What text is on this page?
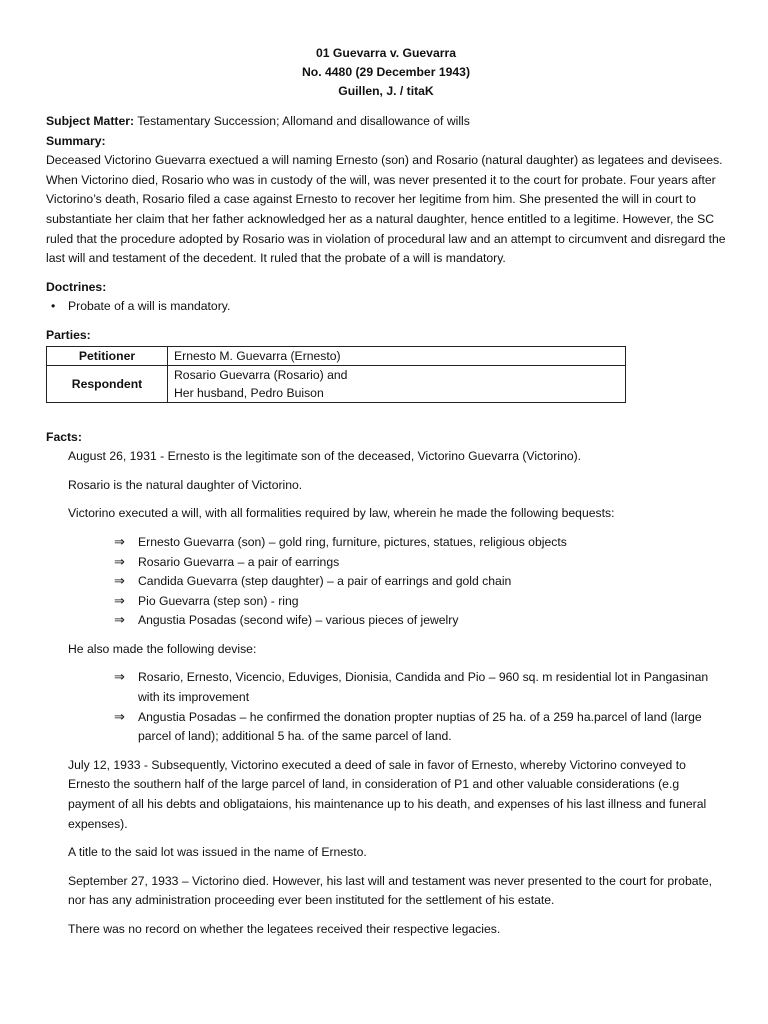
01 Guevarra v. Guevarra
No. 4480 (29 December 1943)
Guillen, J. / titaK

Subject Matter: Testamentary Succession; Allomand and disallowance of wills

Summary:

Deceased Victorino Guevarra exectued a will naming Ernesto (son) and Rosario (natural daughter) as legatees and devisees. When Victorino died, Rosario who was in custody of the will, was never presented it to the court for probate. Four years after Victorino’s death, Rosario filed a case against Ernesto to recover her legitime from him. She presented the will in court to substantiate her claim that her father acknowledged her as a natural daughter, hence entitled to a legitime. However, the SC ruled that the procedure adopted by Rosario was in violation of procedural law and an attempt to circumvent and disregard the last will and testament of the decedent. It ruled that the probate of a will is mandatory.

Doctrines:

• Probate of a will is mandatory.

Parties:

Petitioner	Ernesto M. Guevarra (Ernesto)
Respondent	Rosario Guevarra (Rosario) and
Her husband, Pedro Buison

Facts:

August 26, 1931 - Ernesto is the legitimate son of the deceased, Victorino Guevarra (Victorino).

Rosario is the natural daughter of Victorino.

Victorino executed a will, with all formalities required by law, wherein he made the following bequests:

⇒ Ernesto Guevarra (son) – gold ring, furniture, pictures, statues, religious objects
⇒ Rosario Guevarra – a pair of earrings
⇒ Candida Guevarra (step daughter) – a pair of earrings and gold chain
⇒ Pio Guevarra (step son) - ring
⇒ Angustia Posadas (second wife) – various pieces of jewelry

He also made the following devise:

⇒ Rosario, Ernesto, Vicencio, Eduviges, Dionisia, Candida and Pio – 960 sq. m residential lot in Pangasinan with its improvement
⇒ Angustia Posadas – he confirmed the donation propter nuptias of 25 ha. of a 259 ha.parcel of land (large parcel of land); additional 5 ha. of the same parcel of land.

July 12, 1933 - Subsequently, Victorino executed a deed of sale in favor of Ernesto, whereby Victorino conveyed to Ernesto the southern half of the large parcel of land, in consideration of P1 and other valuable considerations (e.g payment of all his debts and obligataions, his maintenance up to his death, and expenses of his last illness and funeral expenses).

A title to the said lot was issued in the name of Ernesto.

September 27, 1933 – Victorino died. However, his last will and testament was never presented to the court for probate, nor has any administration proceeding ever been instituted for the settlement of his estate.

There was no record on whether the legatees received their respective legacies.
